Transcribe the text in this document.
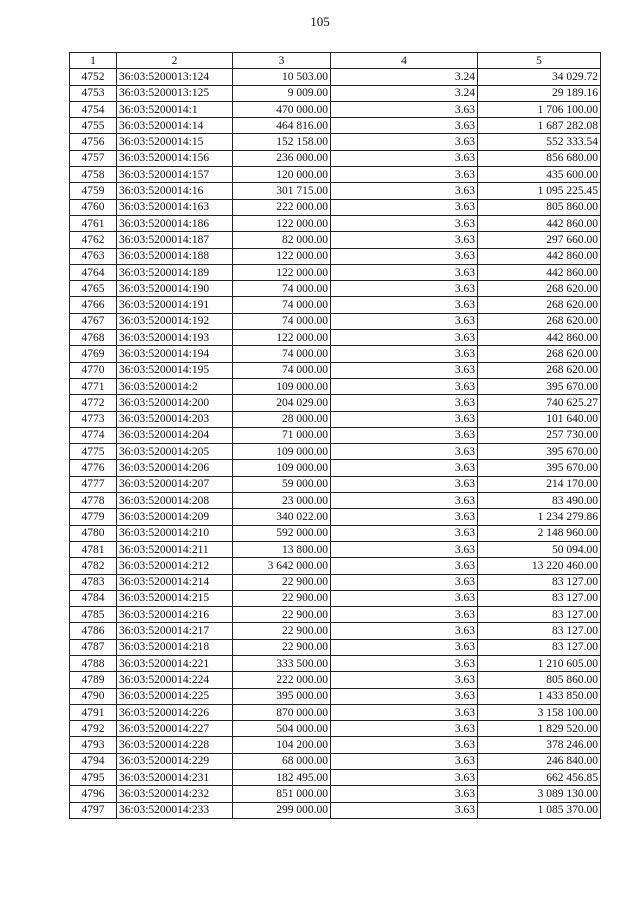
105
1	2	3	4	5
4752	36:03:5200013:124	10 503.00	3.24	34 029.72
4753	36:03:5200013:125	9 009.00	3.24	29 189.16
4754	36:03:5200014:1	470 000.00	3.63	1 706 100.00
4755	36:03:5200014:14	464 816.00	3.63	1 687 282.08
4756	36:03:5200014:15	152 158.00	3.63	552 333.54
4757	36:03:5200014:156	236 000.00	3.63	856 680.00
4758	36:03:5200014:157	120 000.00	3.63	435 600.00
4759	36:03:5200014:16	301 715.00	3.63	1 095 225.45
4760	36:03:5200014:163	222 000.00	3.63	805 860.00
4761	36:03:5200014:186	122 000.00	3.63	442 860.00
4762	36:03:5200014:187	82 000.00	3.63	297 660.00
4763	36:03:5200014:188	122 000.00	3.63	442 860.00
4764	36:03:5200014:189	122 000.00	3.63	442 860.00
4765	36:03:5200014:190	74 000.00	3.63	268 620.00
4766	36:03:5200014:191	74 000.00	3.63	268 620.00
4767	36:03:5200014:192	74 000.00	3.63	268 620.00
4768	36:03:5200014:193	122 000.00	3.63	442 860.00
4769	36:03:5200014:194	74 000.00	3.63	268 620.00
4770	36:03:5200014:195	74 000.00	3.63	268 620.00
4771	36:03:5200014:2	109 000.00	3.63	395 670.00
4772	36:03:5200014:200	204 029.00	3.63	740 625.27
4773	36:03:5200014:203	28 000.00	3.63	101 640.00
4774	36:03:5200014:204	71 000.00	3.63	257 730.00
4775	36:03:5200014:205	109 000.00	3.63	395 670.00
4776	36:03:5200014:206	109 000.00	3.63	395 670.00
4777	36:03:5200014:207	59 000.00	3.63	214 170.00
4778	36:03:5200014:208	23 000.00	3.63	83 490.00
4779	36:03:5200014:209	340 022.00	3.63	1 234 279.86
4780	36:03:5200014:210	592 000.00	3.63	2 148 960.00
4781	36:03:5200014:211	13 800.00	3.63	50 094.00
4782	36:03:5200014:212	3 642 000.00	3.63	13 220 460.00
4783	36:03:5200014:214	22 900.00	3.63	83 127.00
4784	36:03:5200014:215	22 900.00	3.63	83 127.00
4785	36:03:5200014:216	22 900.00	3.63	83 127.00
4786	36:03:5200014:217	22 900.00	3.63	83 127.00
4787	36:03:5200014:218	22 900.00	3.63	83 127.00
4788	36:03:5200014:221	333 500.00	3.63	1 210 605.00
4789	36:03:5200014:224	222 000.00	3.63	805 860.00
4790	36:03:5200014:225	395 000.00	3.63	1 433 850.00
4791	36:03:5200014:226	870 000.00	3.63	3 158 100.00
4792	36:03:5200014:227	504 000.00	3.63	1 829 520.00
4793	36:03:5200014:228	104 200.00	3.63	378 246.00
4794	36:03:5200014:229	68 000.00	3.63	246 840.00
4795	36:03:5200014:231	182 495.00	3.63	662 456.85
4796	36:03:5200014:232	851 000.00	3.63	3 089 130.00
4797	36:03:5200014:233	299 000.00	3.63	1 085 370.00
